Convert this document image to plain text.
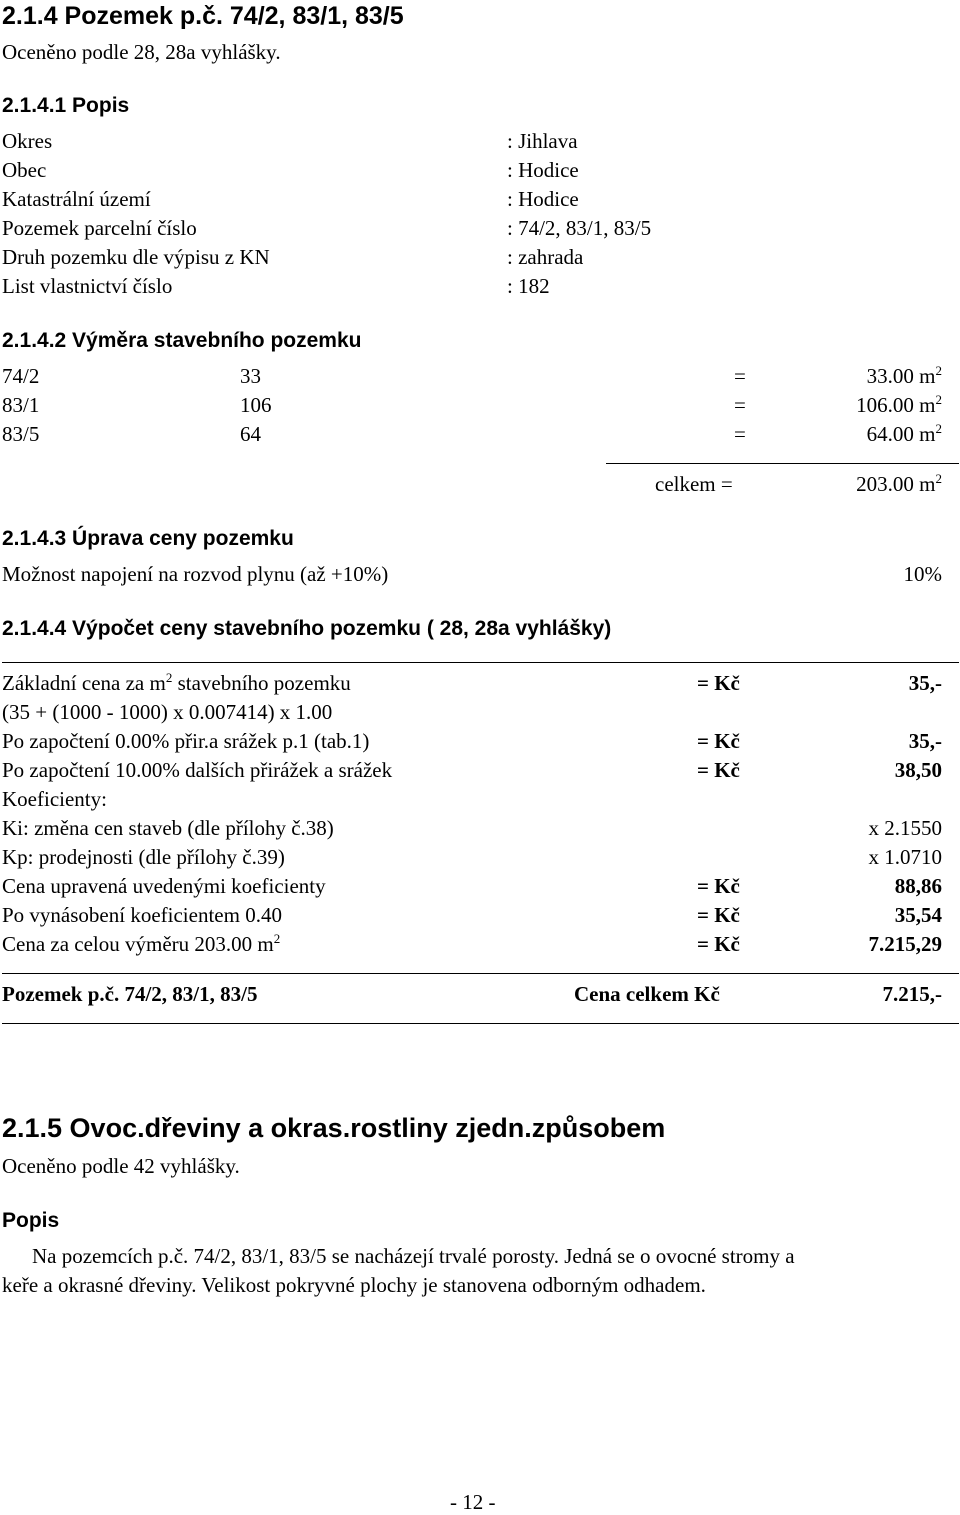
2.1.4 Pozemek p.č. 74/2, 83/1, 83/5
Oceněno podle 28, 28a vyhlášky.
2.1.4.1 Popis
Okres	: Jihlava
Obec	: Hodice
Katastrální území	: Hodice
Pozemek parcelní číslo	: 74/2, 83/1, 83/5
Druh pozemku dle výpisu z KN	: zahrada
List vlastnictví číslo	: 182
2.1.4.2 Výměra stavebního pozemku
74/2	33	=	33.00 $m^2$
83/1	106	=	106.00 $m^2$
83/5	64	=	64.00 $m^2$
celkem =	203.00 $m^2$
2.1.4.3 Úprava ceny pozemku
Možnost napojení na rozvod plynu (až +10%)	10%
2.1.4.4 Výpočet ceny stavebního pozemku ( 28, 28a vyhlášky)
Základní cena za $m^2$ stavebního pozemku	= Kč	35,-
(35 + (1000 - 1000) x 0.007414) x 1.00
Po započtení 0.00% přir.a srážek p.1 (tab.1)	= Kč	35,-
Po započtení 10.00% dalších přirážek a srážek	= Kč	38,50
Koeficienty:
Ki: změna cen staveb (dle přílohy č.38)	x 2.1550
Kp: prodejnosti (dle přílohy č.39)	x 1.0710
Cena upravená uvedenými koeficienty	= Kč	88,86
Po vynásobení koeficientem 0.40	= Kč	35,54
Cena za celou výměru 203.00 $m^2$	= Kč	7.215,29
Pozemek p.č. 74/2, 83/1, 83/5	Cena celkem Kč	7.215,-
2.1.5 Ovoc.dřeviny a okras.rostliny zjedn.způsobem
Oceněno podle 42 vyhlášky.
Popis
Na pozemcích p.č. 74/2, 83/1, 83/5 se nacházejí trvalé porosty. Jedná se o ovocné stromy a
keře a okrasné dřeviny. Velikost pokryvné plochy je stanovena odborným odhadem.
- 12 -
